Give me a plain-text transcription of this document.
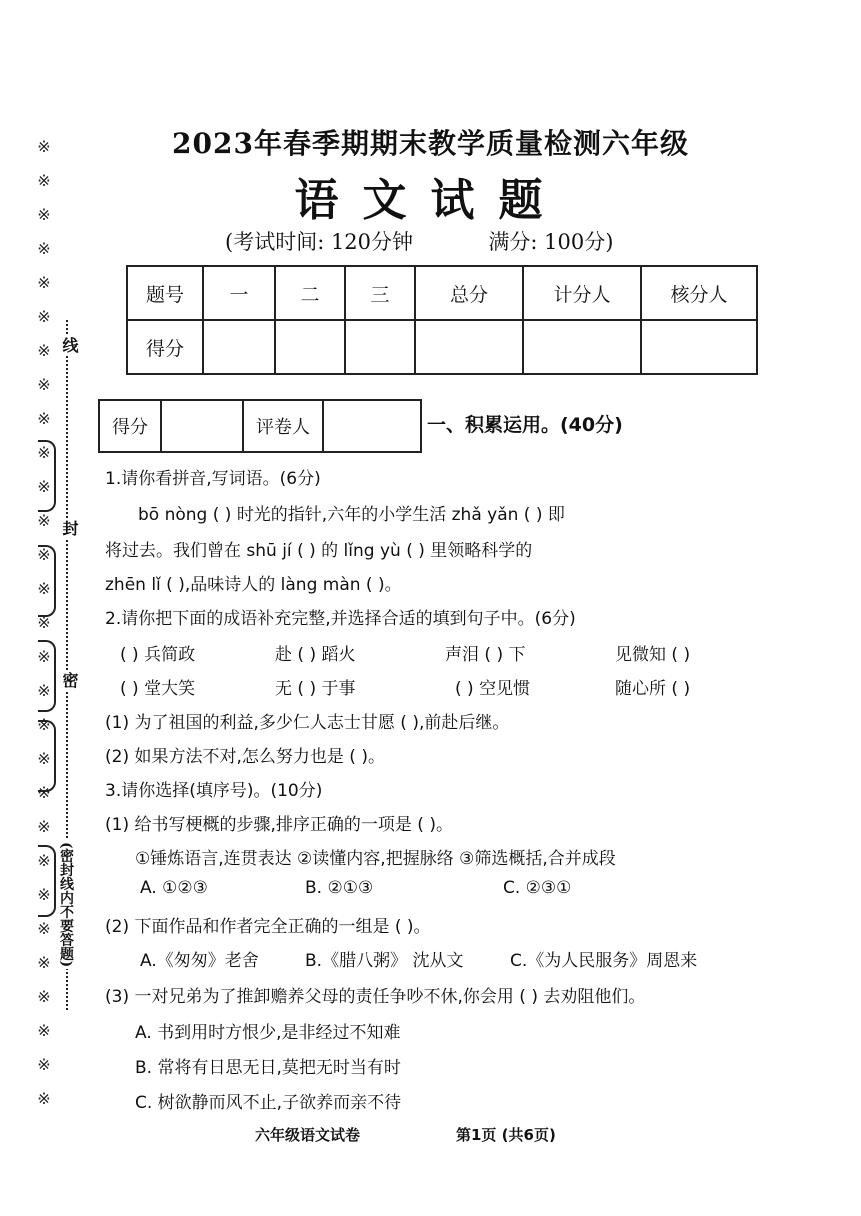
※ ※ ※ ※ ※ ※ ※ ※ ※ ※ ※ ※ ※ ※ ※ ※ ※ ※ ※ ※ ※ ※ ※ ※ ※ ※ ※ ※ ※
线
封
密
(密封线内不要答题)
2023年春季期期末教学质量检测六年级
语文试题
(考试时间: 120分钟	满分: 100分)
题号	一	二	三	总分	计分人	核分人
得分						
得分		评卷人		一、积累运用。(40分)
1.请你看拼音,写词语。(6分)
bō nòng ( ) 时光的指针,六年的小学生活 zhǎ yǎn ( ) 即
将过去。我们曾在 shū jí ( ) 的 lǐng yù ( ) 里领略科学的
zhēn lǐ ( ),品味诗人的 làng màn ( )。
2.请你把下面的成语补充完整,并选择合适的填到句子中。(6分)
( ) 兵简政	赴 ( ) 蹈火	声泪 ( ) 下	见微知 ( )
( ) 堂大笑	无 ( ) 于事	( ) 空见惯	随心所 ( )
(1) 为了祖国的利益,多少仁人志士甘愿 ( ),前赴后继。
(2) 如果方法不对,怎么努力也是 ( )。
3.请你选择(填序号)。(10分)
(1) 给书写梗概的步骤,排序正确的一项是 ( )。
①锤炼语言,连贯表达 ②读懂内容,把握脉络 ③筛选概括,合并成段
A. ①②③	B. ②①③	C. ②③①
(2) 下面作品和作者完全正确的一组是 ( )。
A.《匆匆》老舍	B.《腊八粥》 沈从文	C.《为人民服务》周恩来
(3) 一对兄弟为了推卸赡养父母的责任争吵不休,你会用 ( ) 去劝阻他们。
A. 书到用时方恨少,是非经过不知难
B. 常将有日思无日,莫把无时当有时
C. 树欲静而风不止,子欲养而亲不待
六年级语文试卷	第1页 (共6页)
